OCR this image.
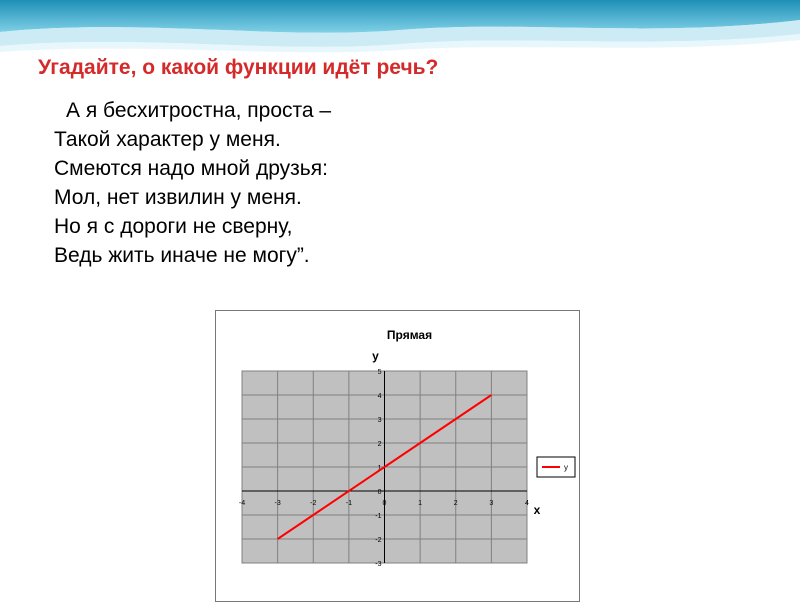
Угадайте, о какой функции идёт речь?
А я бесхитростна, проста –
Такой характер у меня.
Смеются надо мной друзья:
Мол, нет извилин у меня.
Но я с дороги не сверну,
Ведь жить иначе не могу”.
-4	-3	-2	-1	0	1	2	3	4
-3
-2
-1
0
1
2
3
4
5
Прямая
y
x
y
